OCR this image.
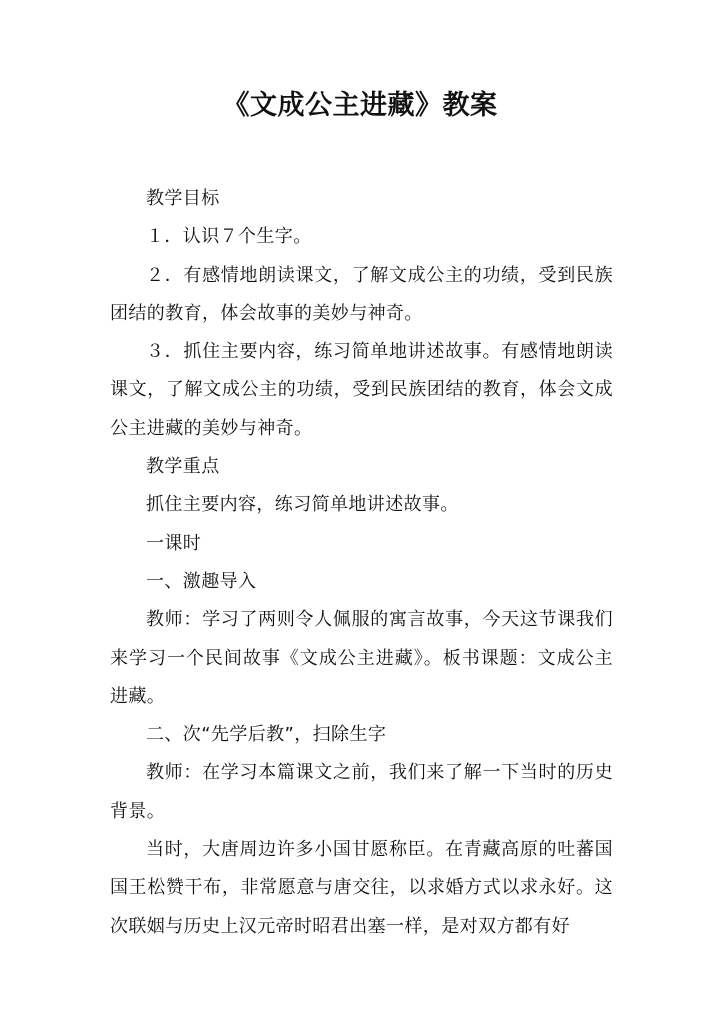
《文成公主进藏》教案

教学目标

１．认识７个生字。

２．有感情地朗读课文，了解文成公主的功绩，受到民族团结的教育，体会故事的美妙与神奇。

３．抓住主要内容，练习简单地讲述故事。有感情地朗读课文，了解文成公主的功绩，受到民族团结的教育，体会文成公主进藏的美妙与神奇。

教学重点

抓住主要内容，练习简单地讲述故事。

一课时

一、激趣导入

教师：学习了两则令人佩服的寓言故事，今天这节课我们来学习一个民间故事《文成公主进藏》。板书课题：文成公主进藏。

二、次“先学后教”，扫除生字

教师：在学习本篇课文之前，我们来了解一下当时的历史背景。

当时，大唐周边许多小国甘愿称臣。在青藏高原的吐蕃国国王松赞干布，非常愿意与唐交往，以求婚方式以求永好。这次联姻与历史上汉元帝时昭君出塞一样，是对双方都有好
